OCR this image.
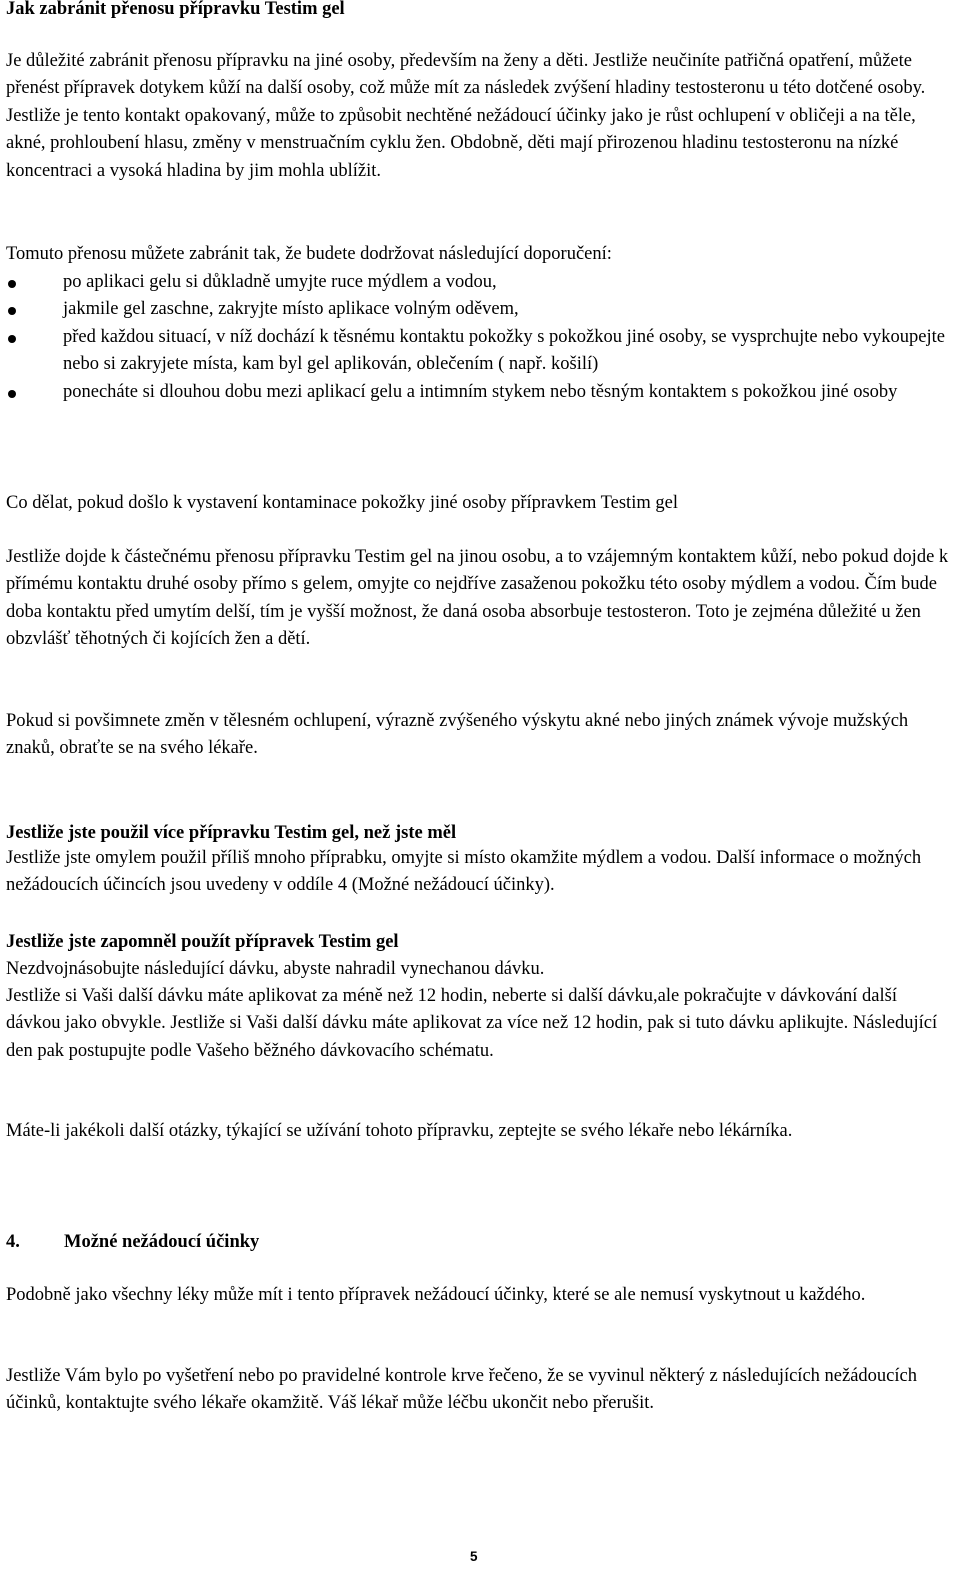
Jak zabránit přenosu přípravku Testim gel

Je důležité zabránit přenosu přípravku na jiné osoby, především na ženy a děti. Jestliže neučiníte patřičná opatření, můžete přenést přípravek dotykem kůží na další osoby, což může mít za následek zvýšení hladiny testosteronu u této dotčené osoby. Jestliže je tento kontakt opakovaný, může to způsobit nechtěné nežádoucí účinky jako je růst ochlupení v obličeji a na těle, akné, prohloubení hlasu, změny v menstruačním cyklu žen. Obdobně, děti mají přirozenou hladinu testosteronu na nízké koncentraci a vysoká hladina by jim mohla ublížit.

Tomuto přenosu můžete zabránit tak, že budete dodržovat následující doporučení:

po aplikaci gelu si důkladně umyjte ruce mýdlem a vodou,
jakmile gel zaschne, zakryjte místo aplikace volným oděvem,
před každou situací, v níž dochází k těsnému kontaktu pokožky s pokožkou jiné osoby, se vysprchujte nebo vykoupejte nebo si zakryjete místa, kam byl gel aplikován, oblečením ( např. košilí)
ponecháte si dlouhou dobu mezi aplikací gelu a intimním stykem nebo těsným kontaktem s pokožkou jiné osoby

Co dělat, pokud došlo k vystavení kontaminace pokožky jiné osoby přípravkem Testim gel

Jestliže dojde k částečnému přenosu přípravku Testim gel na jinou osobu, a to vzájemným kontaktem kůží, nebo pokud dojde k přímému kontaktu druhé osoby přímo s gelem, omyjte co nejdříve zasaženou pokožku této osoby mýdlem a vodou. Čím bude doba kontaktu před umytím delší, tím je vyšší možnost, že daná osoba absorbuje testosteron. Toto je zejména důležité u žen obzvlášť těhotných či kojících žen a dětí.

Pokud si povšimnete změn v tělesném ochlupení, výrazně zvýšeného výskytu akné nebo jiných známek vývoje mužských znaků, obraťte se na svého lékaře.

Jestliže jste použil více přípravku Testim gel, než jste měl

Jestliže jste omylem použil příliš mnoho příprabku, omyjte si místo okamžite mýdlem a vodou. Další informace o možných nežádoucích účincích jsou uvedeny v oddíle 4 (Možné nežádoucí účinky).

Jestliže jste zapomněl použít přípravek Testim gel

Nezdvojnásobujte následující dávku, abyste nahradil vynechanou dávku.

Jestliže si Vaši další dávku máte aplikovat za méně než 12 hodin, neberte si další dávku,ale pokračujte v dávkování další dávkou jako obvykle. Jestliže si Vaši další dávku máte aplikovat za více než 12 hodin, pak si tuto dávku aplikujte. Následující den pak postupujte podle Vašeho běžného dávkovacího schématu.

Máte-li jakékoli další otázky, týkající se užívání tohoto přípravku, zeptejte se svého lékaře nebo lékárníka.

4. Možné nežádoucí účinky

Podobně jako všechny léky může mít i tento přípravek nežádoucí účinky, které se ale nemusí vyskytnout u každého.

Jestliže Vám bylo po vyšetření nebo po pravidelné kontrole krve řečeno, že se vyvinul některý z následujících nežádoucích účinků, kontaktujte svého lékaře okamžitě. Váš lékař může léčbu ukončit nebo přerušit.

5
